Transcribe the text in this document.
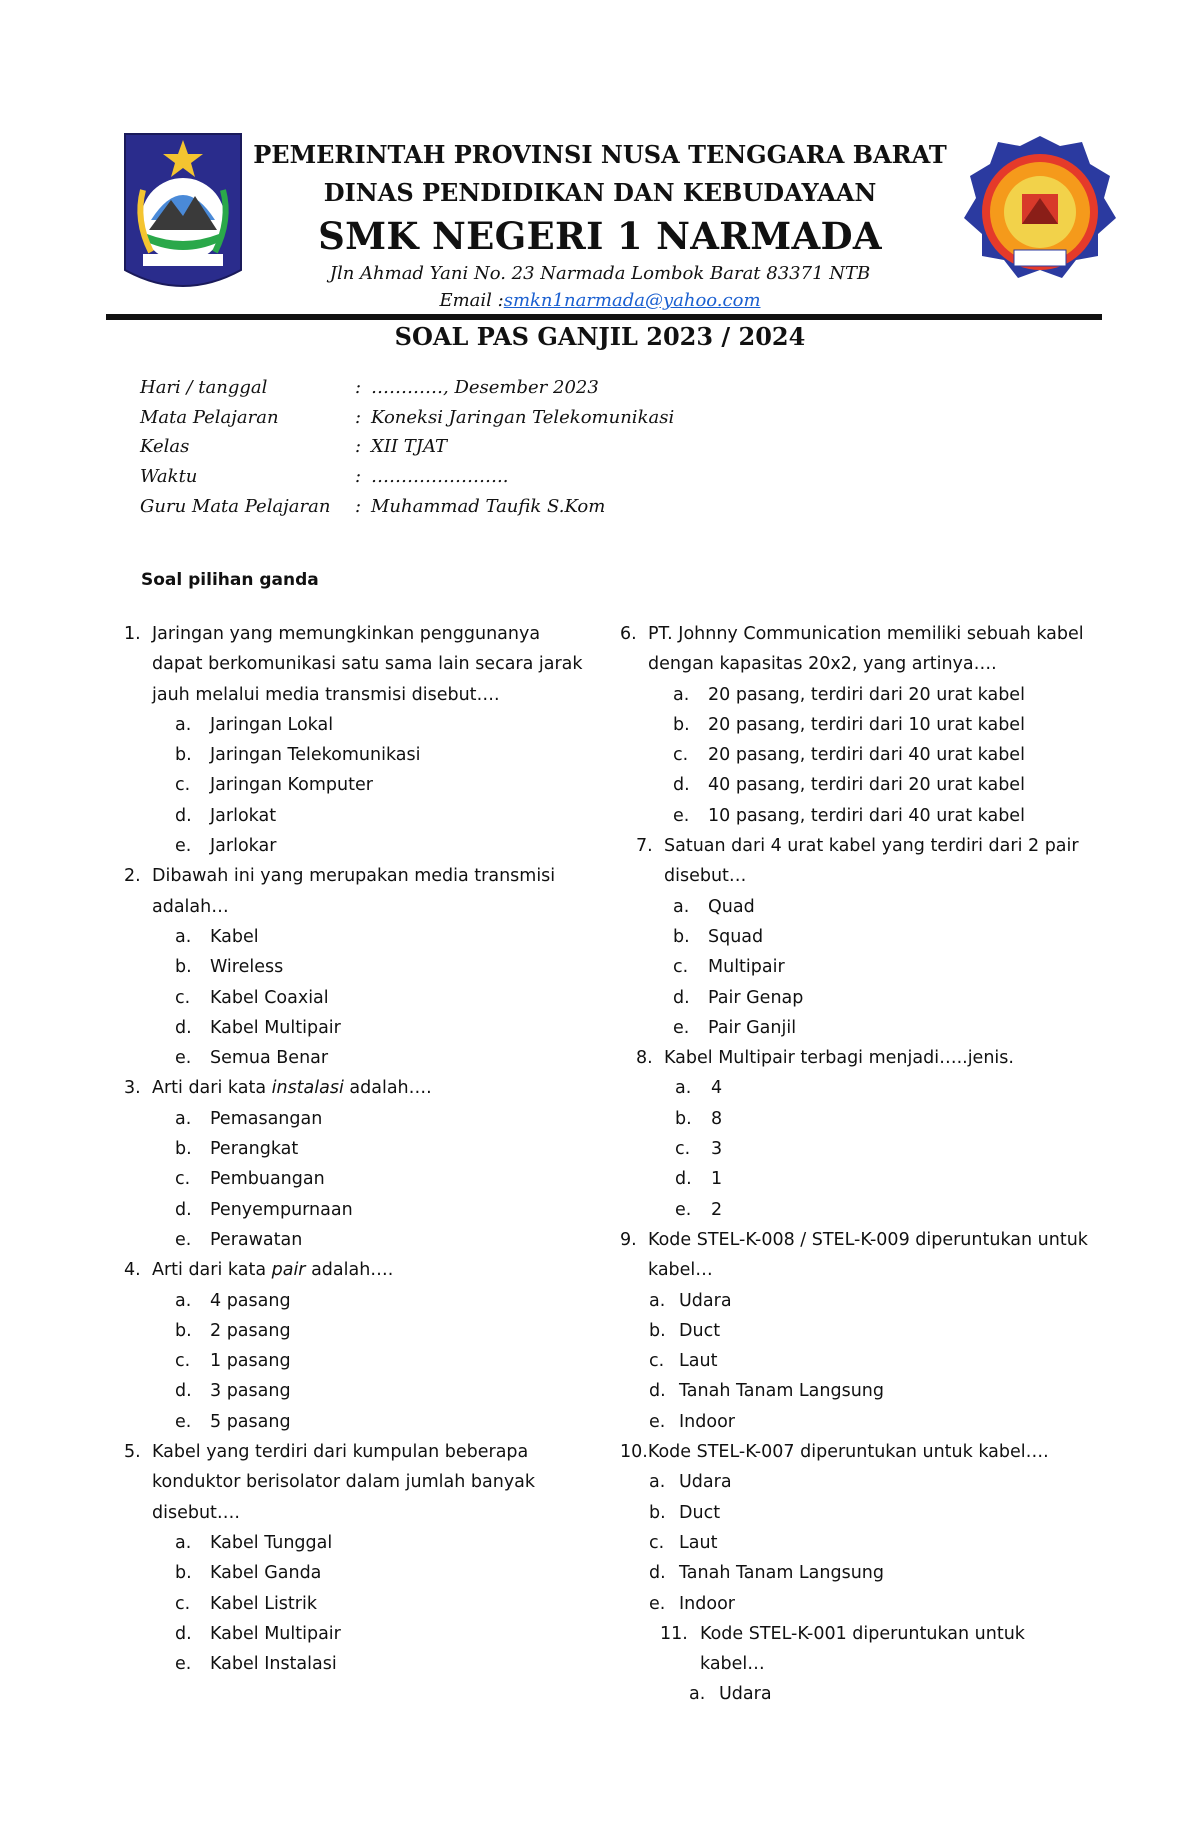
PEMERINTAH PROVINSI NUSA TENGGARA BARAT
DINAS PENDIDIKAN DAN KEBUDAYAAN
SMK NEGERI 1 NARMADA
Jln Ahmad Yani No. 23 Narmada Lombok Barat 83371 NTB
Email :smkn1narmada@yahoo.com
SOAL PAS GANJIL 2023 / 2024
Hari / tanggal	:	…………, Desember 2023
Mata Pelajaran	:	Koneksi Jaringan Telekomunikasi
Kelas	:	XII TJAT
Waktu	:	…………………..
Guru Mata Pelajaran	:	Muhammad Taufik S.Kom
Soal pilihan ganda
1. Jaringan yang memungkinkan penggunanya dapat berkomunikasi satu sama lain secara jarak jauh melalui media transmisi disebut….
a. Jaringan Lokal
b. Jaringan Telekomunikasi
c. Jaringan Komputer
d. Jarlokat
e. Jarlokar
2. Dibawah ini yang merupakan media transmisi adalah…
a. Kabel
b. Wireless
c. Kabel Coaxial
d. Kabel Multipair
e. Semua Benar
3. Arti dari kata instalasi adalah….
a. Pemasangan
b. Perangkat
c. Pembuangan
d. Penyempurnaan
e. Perawatan
4. Arti dari kata pair adalah….
a. 4 pasang
b. 2 pasang
c. 1 pasang
d. 3 pasang
e. 5 pasang
5. Kabel yang terdiri dari kumpulan beberapa konduktor berisolator dalam jumlah banyak disebut….
a. Kabel Tunggal
b. Kabel Ganda
c. Kabel Listrik
d. Kabel Multipair
e. Kabel Instalasi
6. PT. Johnny Communication memiliki sebuah kabel dengan kapasitas 20x2, yang artinya….
a. 20 pasang, terdiri dari 20 urat kabel
b. 20 pasang, terdiri dari 10 urat kabel
c. 20 pasang, terdiri dari 40 urat kabel
d. 40 pasang, terdiri dari 20 urat kabel
e. 10 pasang, terdiri dari 40 urat kabel
7. Satuan dari 4 urat kabel yang terdiri dari 2 pair disebut…
a. Quad
b. Squad
c. Multipair
d. Pair Genap
e. Pair Ganjil
8. Kabel Multipair terbagi menjadi…..jenis.
a. 4
b. 8
c. 3
d. 1
e. 2
9. Kode STEL-K-008 / STEL-K-009 diperuntukan untuk kabel…
a. Udara
b. Duct
c. Laut
d. Tanah Tanam Langsung
e. Indoor
10.Kode STEL-K-007 diperuntukan untuk kabel….
a. Udara
b. Duct
c. Laut
d. Tanah Tanam Langsung
e. Indoor
11. Kode STEL-K-001 diperuntukan untuk kabel…
a. Udara
